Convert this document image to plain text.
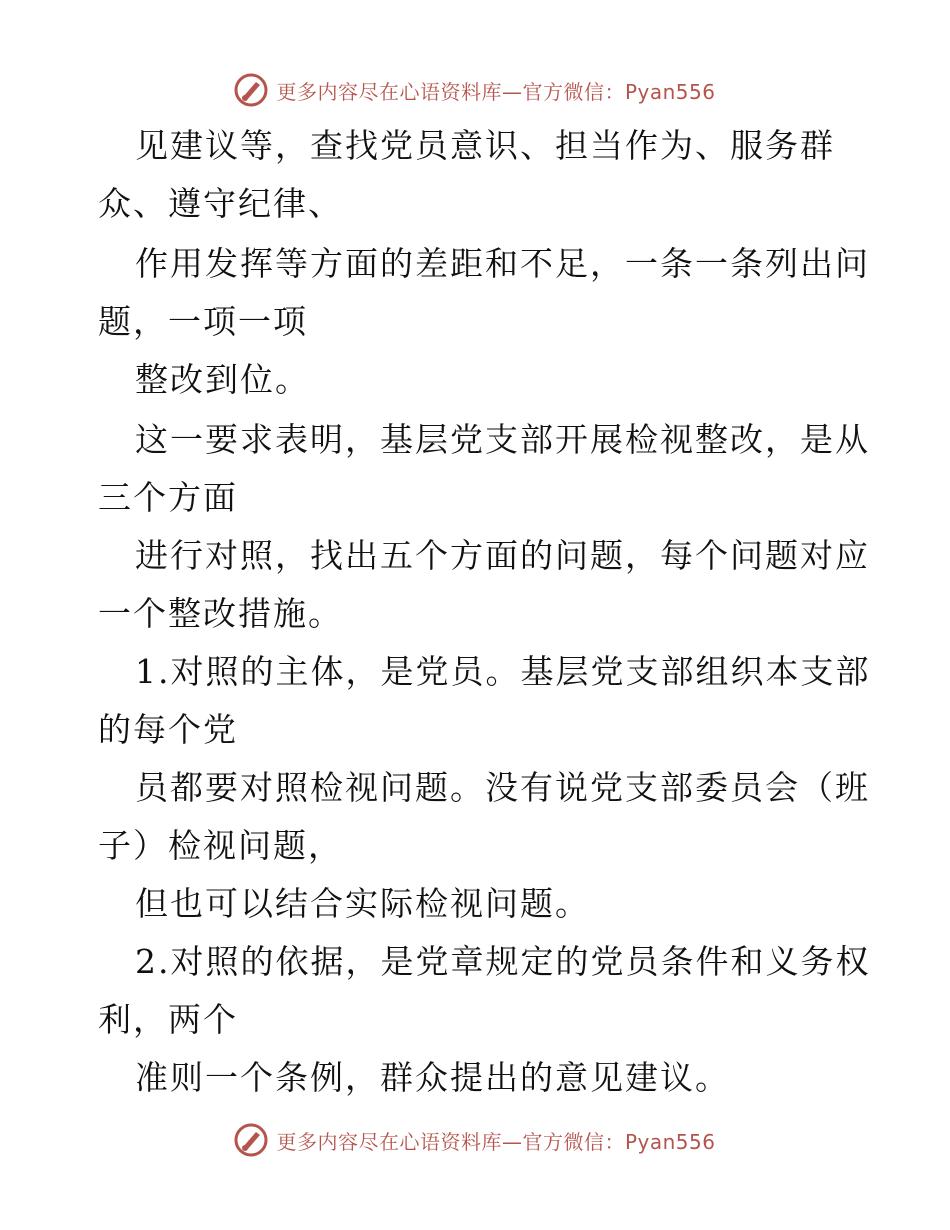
更多内容尽在心语资料库—官方微信：Pyan556
见建议等，查找党员意识、担当作为、服务群
众、遵守纪律、
作用发挥等方面的差距和不足，一条一条列出问
题，一项一项
整改到位。
这一要求表明，基层党支部开展检视整改，是从
三个方面
进行对照，找出五个方面的问题，每个问题对应
一个整改措施。
1.对照的主体，是党员。基层党支部组织本支部
的每个党
员都要对照检视问题。没有说党支部委员会（班
子）检视问题，
但也可以结合实际检视问题。
2.对照的依据，是党章规定的党员条件和义务权
利，两个
准则一个条例，群众提出的意见建议。
更多内容尽在心语资料库—官方微信：Pyan556
